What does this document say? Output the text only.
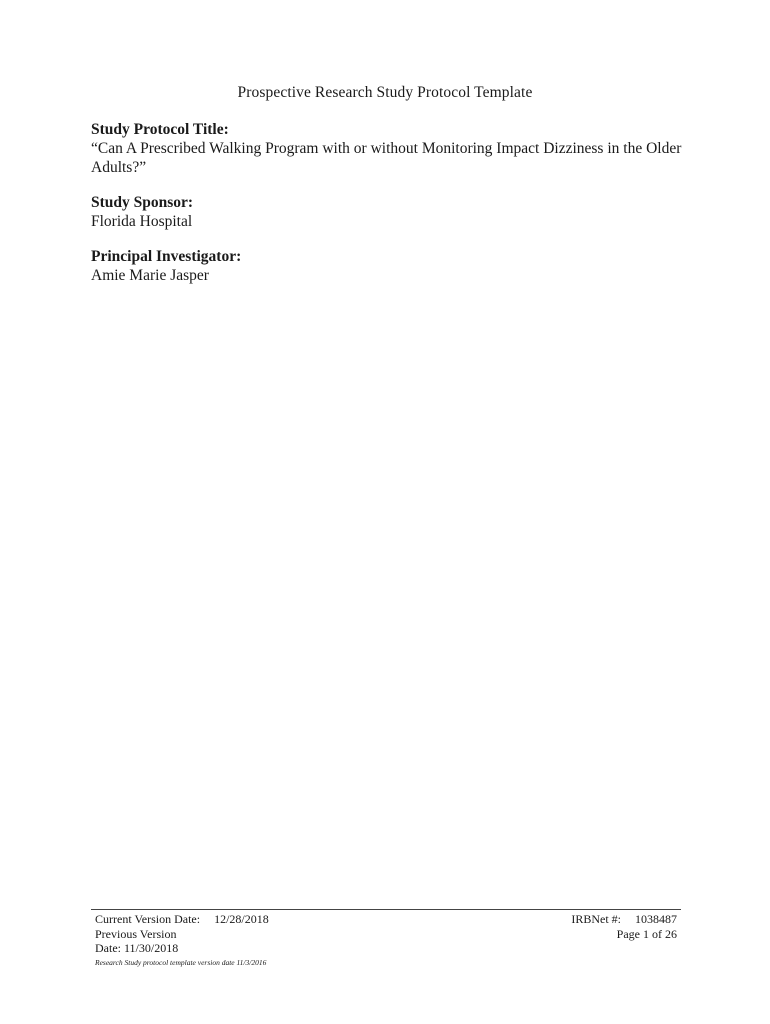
Prospective Research Study Protocol Template
Study Protocol Title:
“Can A Prescribed Walking Program with or without Monitoring Impact Dizziness in the Older
Adults?”
Study Sponsor:
Florida Hospital
Principal Investigator:
Amie Marie Jasper
Current Version Date: 12/28/2018
Previous Version
Date: 11/30/2018
Research Study protocol template version date 11/3/2016
IRBNet #: 1038487
Page 1 of 26
